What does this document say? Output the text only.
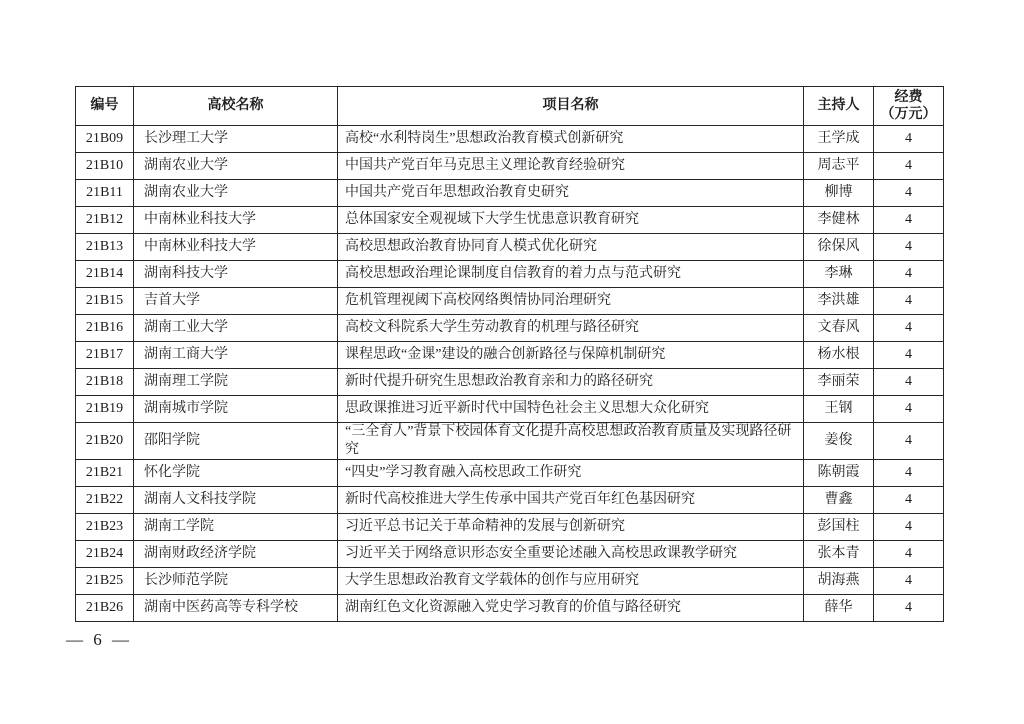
编号	高校名称	项目名称	主持人	经费
（万元）

21B09	长沙理工大学	高校“水利特岗生”思想政治教育模式创新研究	王学成	4
21B10	湖南农业大学	中国共产党百年马克思主义理论教育经验研究	周志平	4
21B11	湖南农业大学	中国共产党百年思想政治教育史研究	柳博	4
21B12	中南林业科技大学	总体国家安全观视域下大学生忧患意识教育研究	李健林	4
21B13	中南林业科技大学	高校思想政治教育协同育人模式优化研究	徐保风	4
21B14	湖南科技大学	高校思想政治理论课制度自信教育的着力点与范式研究	李琳	4
21B15	吉首大学	危机管理视阈下高校网络舆情协同治理研究	李洪雄	4
21B16	湖南工业大学	高校文科院系大学生劳动教育的机理与路径研究	文春风	4
21B17	湖南工商大学	课程思政“金课”建设的融合创新路径与保障机制研究	杨水根	4
21B18	湖南理工学院	新时代提升研究生思想政治教育亲和力的路径研究	李丽荣	4
21B19	湖南城市学院	思政课推进习近平新时代中国特色社会主义思想大众化研究	王钢	4
21B20	邵阳学院	“三全育人”背景下校园体育文化提升高校思想政治教育质量及实现路径研究	姜俊	4
21B21	怀化学院	“四史”学习教育融入高校思政工作研究	陈朝霞	4
21B22	湖南人文科技学院	新时代高校推进大学生传承中国共产党百年红色基因研究	曹鑫	4
21B23	湖南工学院	习近平总书记关于革命精神的发展与创新研究	彭国柱	4
21B24	湖南财政经济学院	习近平关于网络意识形态安全重要论述融入高校思政课教学研究	张本青	4
21B25	长沙师范学院	大学生思想政治教育文学载体的创作与应用研究	胡海燕	4
21B26	湖南中医药高等专科学校	湖南红色文化资源融入党史学习教育的价值与路径研究	薛华	4
— 6 —
